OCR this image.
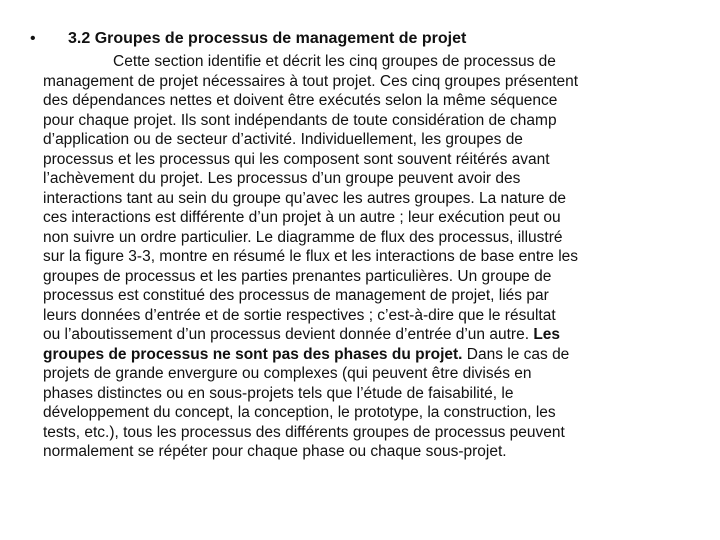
• 3.2 Groupes de processus de management de projet
Cette section identifie et décrit les cinq groupes de processus de
management de projet nécessaires à tout projet. Ces cinq groupes présentent
des dépendances nettes et doivent être exécutés selon la même séquence
pour chaque projet. Ils sont indépendants de toute considération de champ
d’application ou de secteur d’activité. Individuellement, les groupes de
processus et les processus qui les composent sont souvent réitérés avant
l’achèvement du projet. Les processus d’un groupe peuvent avoir des
interactions tant au sein du groupe qu’avec les autres groupes. La nature de
ces interactions est différente d’un projet à un autre ; leur exécution peut ou
non suivre un ordre particulier. Le diagramme de flux des processus, illustré
sur la figure 3-3, montre en résumé le flux et les interactions de base entre les
groupes de processus et les parties prenantes particulières. Un groupe de
processus est constitué des processus de management de projet, liés par
leurs données d’entrée et de sortie respectives ; c’est-à-dire que le résultat
ou l’aboutissement d’un processus devient donnée d’entrée d’un autre. Les
groupes de processus ne sont pas des phases du projet. Dans le cas de
projets de grande envergure ou complexes (qui peuvent être divisés en
phases distinctes ou en sous-projets tels que l’étude de faisabilité, le
développement du concept, la conception, le prototype, la construction, les
tests, etc.), tous les processus des différents groupes de processus peuvent
normalement se répéter pour chaque phase ou chaque sous-projet.
